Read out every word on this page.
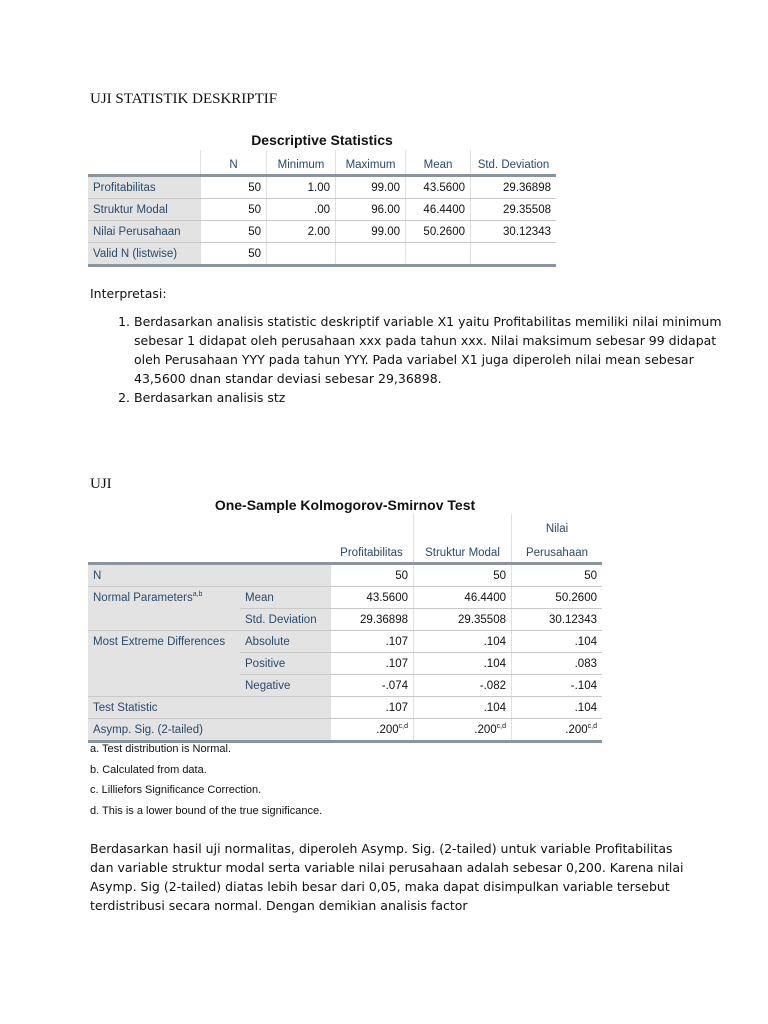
UJI STATISTIK DESKRIPTIF
Descriptive Statistics
	N	Minimum	Maximum	Mean	Std. Deviation
Profitabilitas	50	1.00	99.00	43.5600	29.36898
Struktur Modal	50	.00	96.00	46.4400	29.35508
Nilai Perusahaan	50	2.00	99.00	50.2600	30.12343
Valid N (listwise)	50				
Interpretasi:
1. Berdasarkan analisis statistic deskriptif variable X1 yaitu Profitabilitas memiliki nilai minimum sebesar 1 didapat oleh perusahaan xxx pada tahun xxx. Nilai maksimum sebesar 99 didapat oleh Perusahaan YYY pada tahun YYY. Pada variabel X1 juga diperoleh nilai mean sebesar 43,5600 dnan standar deviasi sebesar 29,36898.
2. Berdasarkan analisis stz
UJI
One-Sample Kolmogorov-Smirnov Test
				Nilai
		Profitabilitas	Struktur Modal	Perusahaan
N		50	50	50
Normal Parameters$^{a,b}$	Mean	43.5600	46.4400	50.2600
	Std. Deviation	29.36898	29.35508	30.12343
Most Extreme Differences	Absolute	.107	.104	.104
	Positive	.107	.104	.083
	Negative	-.074	-.082	-.104
Test Statistic		.107	.104	.104
Asymp. Sig. (2-tailed)		.200$^{c,d}$	.200$^{c,d}$	.200$^{c,d}$
a. Test distribution is Normal.
b. Calculated from data.
c. Lilliefors Significance Correction.
d. This is a lower bound of the true significance.
Berdasarkan hasil uji normalitas, diperoleh Asymp. Sig. (2-tailed) untuk variable Profitabilitas dan variable struktur modal serta variable nilai perusahaan adalah sebesar 0,200. Karena nilai Asymp. Sig (2-tailed) diatas lebih besar dari 0,05, maka dapat disimpulkan variable tersebut terdistribusi secara normal. Dengan demikian analisis factor
